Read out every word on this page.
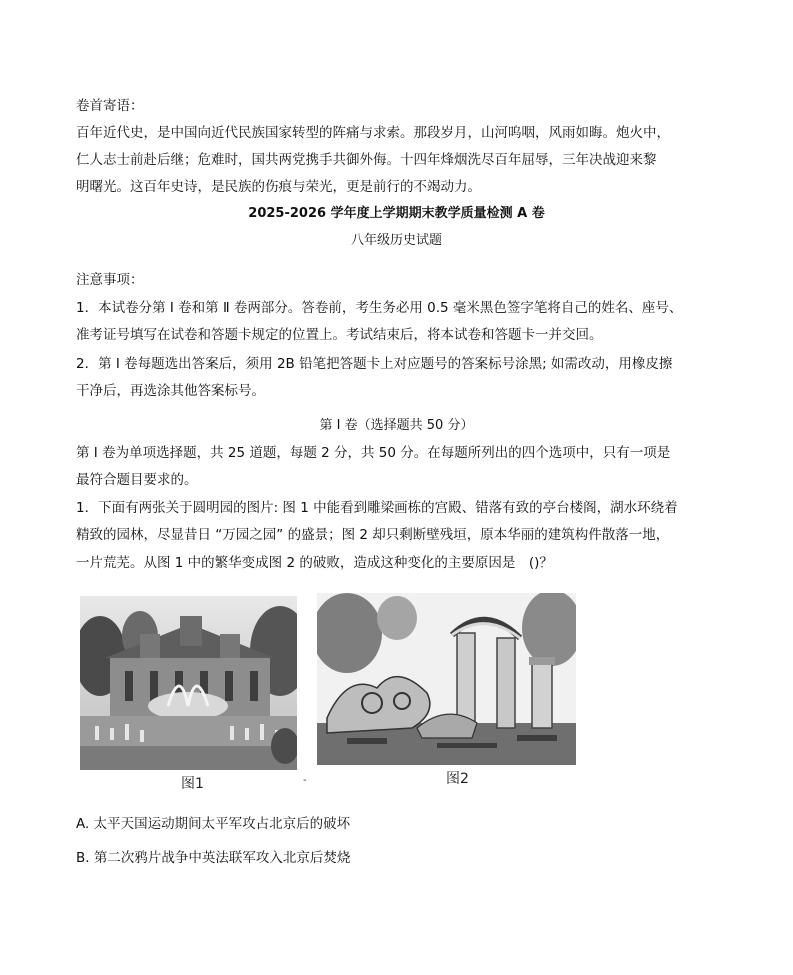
卷首寄语：
百年近代史，是中国向近代民族国家转型的阵痛与求索。那段岁月，山河呜咽，风雨如晦。炮火中，
仁人志士前赴后继；危难时，国共两党携手共御外侮。十四年烽烟洗尽百年屈辱，三年决战迎来黎
明曙光。这百年史诗，是民族的伤痕与荣光，更是前行的不竭动力。
2025-2026 学年度上学期期末教学质量检测 A 卷
八年级历史试题
注意事项：
1．本试卷分第 Ⅰ 卷和第 Ⅱ 卷两部分。答卷前，考生务必用 0.5 毫米黑色签字笔将自己的姓名、座号、
准考证号填写在试卷和答题卡规定的位置上。考试结束后，将本试卷和答题卡一并交回。
2．第 Ⅰ 卷每题选出答案后，须用 2B 铅笔把答题卡上对应题号的答案标号涂黑; 如需改动，用橡皮擦
干净后，再选涂其他答案标号。
第 Ⅰ 卷（选择题共 50 分）
第 Ⅰ 卷为单项选择题，共 25 道题，每题 2 分，共 50 分。在每题所列出的四个选项中，只有一项是
最符合题目要求的。
1．下面有两张关于圆明园的图片: 图 1 中能看到雕梁画栋的宫殿、错落有致的亭台楼阁，湖水环绕着
精致的园林，尽显昔日 “万园之园” 的盛景；图 2 却只剩断壁残垣，原本华丽的建筑构件散落一地，
一片荒芜。从图 1 中的繁华变成图 2 的破败，造成这种变化的主要原因是　()？
图1	-	图2
A. 太平天国运动期间太平军攻占北京后的破坏
B. 第二次鸦片战争中英法联军攻入北京后焚烧
